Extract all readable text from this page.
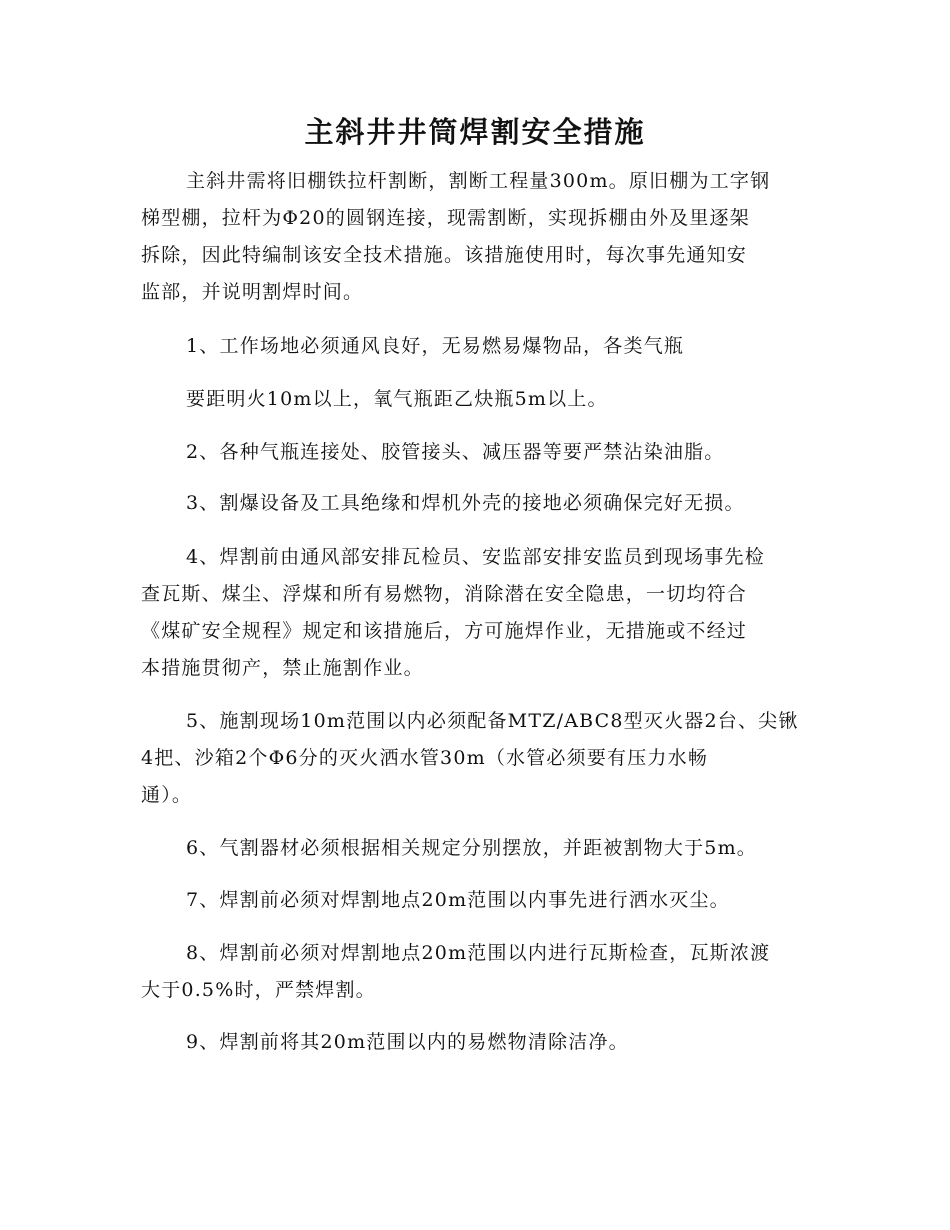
主斜井井筒焊割安全措施
主斜井需将旧棚铁拉杆割断，割断工程量300m。原旧棚为工字钢
梯型棚，拉杆为Φ20的圆钢连接，现需割断，实现拆棚由外及里逐架
拆除，因此特编制该安全技术措施。该措施使用时，每次事先通知安
监部，并说明割焊时间。
1、工作场地必须通风良好，无易燃易爆物品，各类气瓶
要距明火10m以上，氧气瓶距乙炔瓶5m以上。
2、各种气瓶连接处、胶管接头、减压器等要严禁沾染油脂。
3、割爆设备及工具绝缘和焊机外壳的接地必须确保完好无损。
4、焊割前由通风部安排瓦检员、安监部安排安监员到现场事先检
查瓦斯、煤尘、浮煤和所有易燃物，消除潜在安全隐患，一切均符合
《煤矿安全规程》规定和该措施后，方可施焊作业，无措施或不经过
本措施贯彻产，禁止施割作业。
5、施割现场10m范围以内必须配备MTZ/ABC8型灭火器2台、尖锹
4把、沙箱2个Φ6分的灭火洒水管30m（水管必须要有压力水畅
通）。
6、气割器材必须根据相关规定分别摆放，并距被割物大于5m。
7、焊割前必须对焊割地点20m范围以内事先进行洒水灭尘。
8、焊割前必须对焊割地点20m范围以内进行瓦斯检查，瓦斯浓渡
大于0.5%时，严禁焊割。
9、焊割前将其20m范围以内的易燃物清除洁净。
